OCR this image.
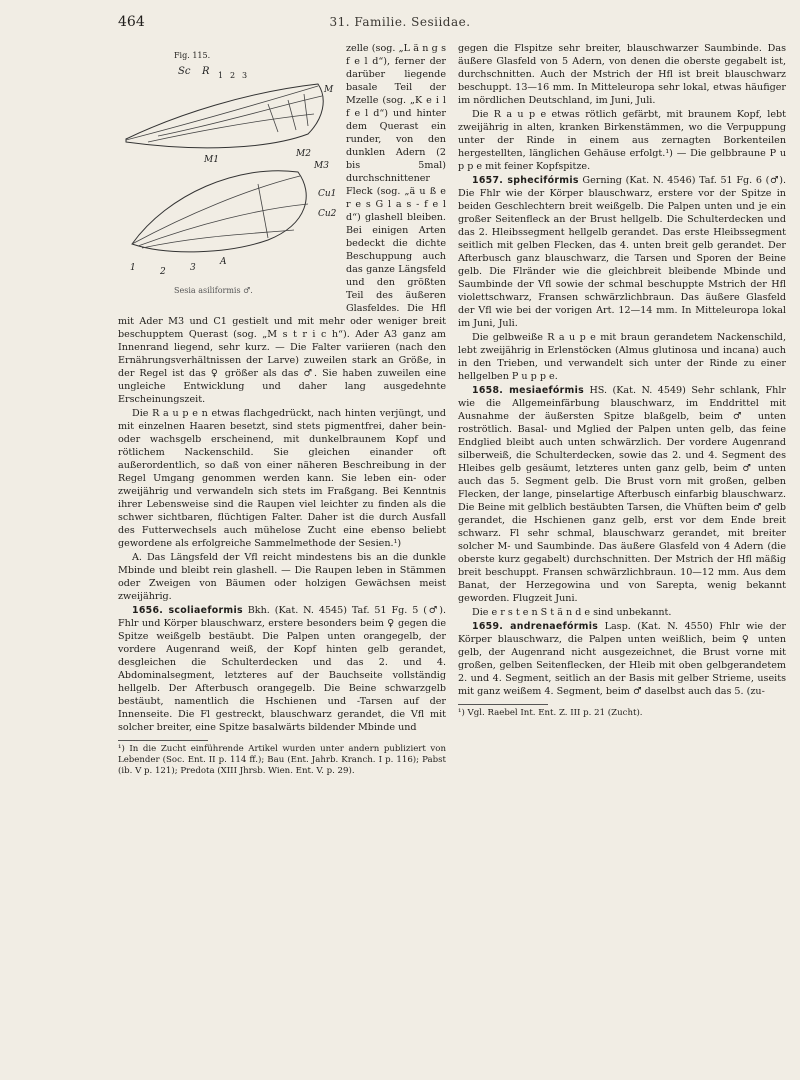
464	31. Familie. Sesiidae.
Fig. 115.
Sc R 1 2 3
M
M1
M2
M3
Cu1
Cu2
A
1	2	3
Sesia asiliformis ♂.

zelle (sog. „L ä n g s f e l d“), ferner der darüber liegende basale Teil der Mzelle (sog. „K e i l f e l d“) und hinter dem Querast ein runder, von den dunklen Adern (2 bis 5mal) durchschnittener Fleck (sog. „ä u ß e r e s G l a s - f e l d“) glashell bleiben. Bei einigen Arten bedeckt die dichte Beschuppung auch das ganze Längsfeld und den größten Teil des äußeren Glasfeldes. Die Hfl mit Ader M3 und C1 gestielt und mit mehr oder weniger breit beschupptem Querast (sog. „M s t r i c h“). Ader A3 ganz am Innenrand liegend, sehr kurz. — Die Falter variieren (nach den Ernährungsverhältnissen der Larve) zuweilen stark an Größe, in der Regel ist das ♀ größer als das ♂. Sie haben zuweilen eine ungleiche Entwicklung und daher lang ausgedehnte Erscheinungszeit.

Die R a u p e n etwas flachgedrückt, nach hinten verjüngt, und mit einzelnen Haaren besetzt, sind stets pigmentfrei, daher bein- oder wachsgelb erscheinend, mit dunkelbraunem Kopf und rötlichem Nackenschild. Sie gleichen einander oft außerordentlich, so daß von einer näheren Beschreibung in der Regel Umgang genommen werden kann. Sie leben ein- oder zweijährig und verwandeln sich stets im Fraßgang. Bei Kenntnis ihrer Lebensweise sind die Raupen viel leichter zu finden als die schwer sichtbaren, flüchtigen Falter. Daher ist die durch Ausfall des Futterwechsels auch mühelose Zucht eine ebenso beliebt gewordene als erfolgreiche Sammelmethode der Sesien.¹)

A. Das Längsfeld der Vfl reicht mindestens bis an die dunkle Mbinde und bleibt rein glashell. — Die Raupen leben in Stämmen oder Zweigen von Bäumen oder holzigen Gewächsen meist zweijährig.

1656. scoliaeformis Bkh. (Kat. N. 4545) Taf. 51 Fg. 5 (♂). Fhlr und Körper blauschwarz, erstere besonders beim ♀ gegen die Spitze weißgelb bestäubt. Die Palpen unten orangegelb, der vordere Augenrand weiß, der Kopf hinten gelb gerandet, desgleichen die Schulterdecken und das 2. und 4. Abdominalsegment, letzteres auf der Bauchseite vollständig hellgelb. Der Afterbusch orangegelb. Die Beine schwarzgelb bestäubt, namentlich die Hschienen und -Tarsen auf der Innenseite. Die Fl gestreckt, blauschwarz gerandet, die Vfl mit solcher breiter, eine Spitze basalwärts bildender Mbinde und

¹) In die Zucht einführende Artikel wurden unter andern publiziert von Lebender (Soc. Ent. II p. 114 ff.); Bau (Ent. Jahrb. Kranch. I p. 116); Pabst (ib. V p. 121); Predota (XIII Jhrsb. Wien. Ent. V. p. 29).

gegen die Flspitze sehr breiter, blauschwarzer Saumbinde. Das äußere Glasfeld von 5 Adern, von denen die oberste gegabelt ist, durchschnitten. Auch der Mstrich der Hfl ist breit blauschwarz beschuppt. 13—16 mm. In Mitteleuropa sehr lokal, etwas häufiger im nördlichen Deutschland, im Juni, Juli.

Die R a u p e etwas rötlich gefärbt, mit braunem Kopf, lebt zweijährig in alten, kranken Birkenstämmen, wo die Verpuppung unter der Rinde in einem aus zernagten Borkenteilen hergestellten, länglichen Gehäuse erfolgt.¹) — Die gelbbraune P u p p e mit feiner Kopfspitze.

1657. sphecifórmis Gerning (Kat. N. 4546) Taf. 51 Fg. 6 (♂). Die Fhlr wie der Körper blauschwarz, erstere vor der Spitze in beiden Geschlechtern breit weißgelb. Die Palpen unten und je ein großer Seitenfleck an der Brust hellgelb. Die Schulterdecken und das 2. Hleibssegment hellgelb gerandet. Das erste Hleibssegment seitlich mit gelben Flecken, das 4. unten breit gelb gerandet. Der Afterbusch ganz blauschwarz, die Tarsen und Sporen der Beine gelb. Die Flränder wie die gleichbreit bleibende Mbinde und Saumbinde der Vfl sowie der schmal beschuppte Mstrich der Hfl violettschwarz, Fransen schwärzlichbraun. Das äußere Glasfeld der Vfl wie bei der vorigen Art. 12—14 mm. In Mitteleuropa lokal im Juni, Juli.

Die gelbweiße R a u p e mit braun gerandetem Nackenschild, lebt zweijährig in Erlenstöcken (Almus glutinosa und incana) auch in den Trieben, und verwandelt sich unter der Rinde zu einer hellgelben P u p p e.

1658. mesiaefórmis HS. (Kat. N. 4549) Sehr schlank, Fhlr wie die Allgemeinfärbung blauschwarz, im Enddrittel mit Ausnahme der äußersten Spitze blaßgelb, beim ♂ unten roströtlich. Basal- und Mglied der Palpen unten gelb, das feine Endglied bleibt auch unten schwärzlich. Der vordere Augenrand silberweiß, die Schulterdecken, sowie das 2. und 4. Segment des Hleibes gelb gesäumt, letzteres unten ganz gelb, beim ♂ unten auch das 5. Segment gelb. Die Brust vorn mit großen, gelben Flecken, der lange, pinselartige Afterbusch einfarbig blauschwarz. Die Beine mit gelblich bestäubten Tarsen, die Vhüften beim ♂ gelb gerandet, die Hschienen ganz gelb, erst vor dem Ende breit schwarz. Fl sehr schmal, blauschwarz gerandet, mit breiter solcher M- und Saumbinde. Das äußere Glasfeld von 4 Adern (die oberste kurz gegabelt) durchschnitten. Der Mstrich der Hfl mäßig breit beschuppt. Fransen schwärzlichbraun. 10—12 mm. Aus dem Banat, der Herzegowina und von Sarepta, wenig bekannt geworden. Flugzeit Juni.

Die e r s t e n S t ä n d e sind unbekannt.

1659. andrenaefórmis Lasp. (Kat. N. 4550) Fhlr wie der Körper blauschwarz, die Palpen unten weißlich, beim ♀ unten gelb, der Augenrand nicht ausgezeichnet, die Brust vorne mit großen, gelben Seitenflecken, der Hleib mit oben gelbgerandetem 2. und 4. Segment, seitlich an der Basis mit gelber Strieme, useits mit ganz weißem 4. Segment, beim ♂ daselbst auch das 5. (zu-

¹) Vgl. Raebel Int. Ent. Z. III p. 21 (Zucht).
